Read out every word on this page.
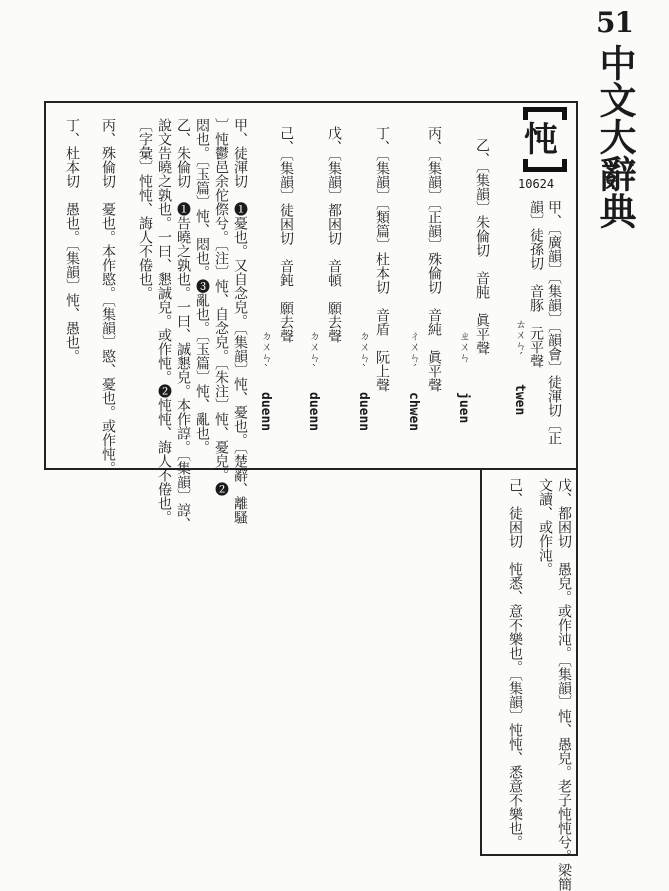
51
中文大辭典
忳
10624
甲、〔廣韻〕〔集韻〕〔韻會〕徒渾切〔正
韻〕徒孫切　音豚　元平聲
ㄊㄨㄣˊ
twen
乙、〔集韻〕朱倫切　音肫　眞平聲
ㄓㄨㄣ
juen
丙、〔集韻〕〔正韻〕殊倫切　音純　眞平聲
ㄔㄨㄣˊ
chwen
丁、〔集韻〕〔類篇〕杜本切　音盾　阮上聲
ㄉㄨㄣˋ
duenn
戊、〔集韻〕都困切　音頓　願去聲
ㄉㄨㄣˋ
duenn
己、〔集韻〕徒困切　音鈍　願去聲
ㄉㄨㄣˋ
duenn
甲、徒渾切　❶憂也。又自念皃。〔集韻〕忳、憂也。〔楚辭、離騷
〕忳鬱邑余佗傺兮。〔注〕忳、自念皃。〔朱注〕忳、憂皃。❷
悶也。〔玉篇〕忳、悶也。❸亂也。〔玉篇〕忳、亂也。
乙、朱倫切　❶告曉之孰也。一曰、誠懇皃。本作諄。〔集韻〕諄、
說文告曉之孰也。一曰、懇誠皃。或作忳。❷忳忳、誨人不倦也。
〔字彙〕忳忳、誨人不倦也。
丙、殊倫切　憂也。本作愍。〔集韻〕愍、憂也。或作忳。
丁、杜本切　愚也。〔集韻〕忳、愚也。
戊、都困切　愚皃。或作沌。〔集韻〕忳、愚皃。老子忳忳兮。梁簡
文讀、或作沌。
己、徒困切　忳悉、意不樂也。〔集韻〕忳忳、悉意不樂也。
